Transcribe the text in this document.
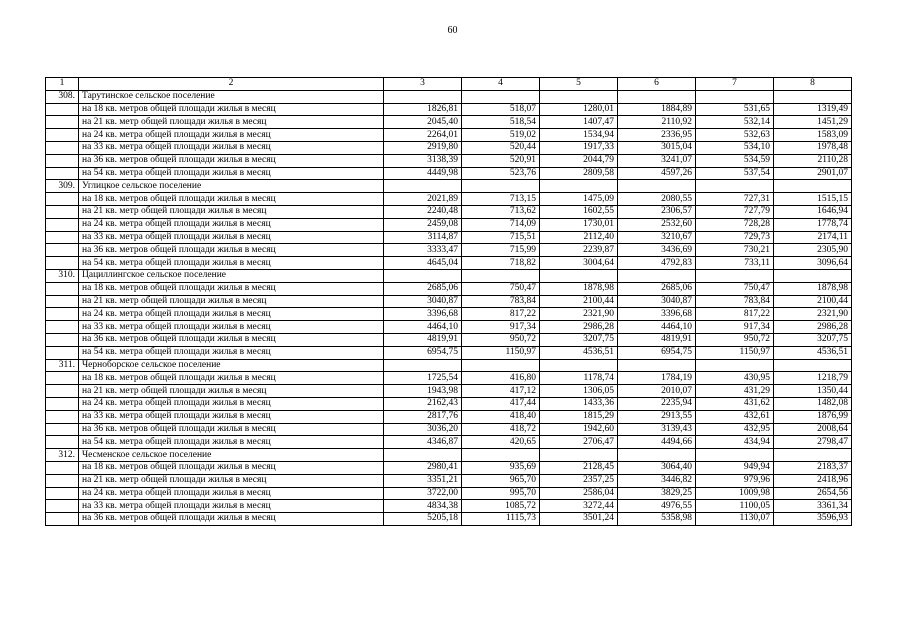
60
1	2	3	4	5	6	7	8
308.	Тарутинское сельское поселение						
	на 18 кв. метров общей площади жилья в месяц	1826,81	518,07	1280,01	1884,89	531,65	1319,49
	на 21 кв. метр общей площади жилья в месяц	2045,40	518,54	1407,47	2110,92	532,14	1451,29
	на 24 кв. метра общей площади жилья в месяц	2264,01	519,02	1534,94	2336,95	532,63	1583,09
	на 33 кв. метра общей площади жилья в месяц	2919,80	520,44	1917,33	3015,04	534,10	1978,48
	на 36 кв. метров общей площади жилья в месяц	3138,39	520,91	2044,79	3241,07	534,59	2110,28
	на 54 кв. метра общей площади жилья в месяц	4449,98	523,76	2809,58	4597,26	537,54	2901,07
309.	Углицкое сельское поселение						
	на 18 кв. метров общей площади жилья в месяц	2021,89	713,15	1475,09	2080,55	727,31	1515,15
	на 21 кв. метр общей площади жилья в месяц	2240,48	713,62	1602,55	2306,57	727,79	1646,94
	на 24 кв. метра общей площади жилья в месяц	2459,08	714,09	1730,01	2532,60	728,28	1778,74
	на 33 кв. метра общей площади жилья в месяц	3114,87	715,51	2112,40	3210,67	729,73	2174,11
	на 36 кв. метров общей площади жилья в месяц	3333,47	715,99	2239,87	3436,69	730,21	2305,90
	на 54 кв. метра общей площади жилья в месяц	4645,04	718,82	3004,64	4792,83	733,11	3096,64
310.	Цациллингское сельское поселение						
	на 18 кв. метров общей площади жилья в месяц	2685,06	750,47	1878,98	2685,06	750,47	1878,98
	на 21 кв. метр общей площади жилья в месяц	3040,87	783,84	2100,44	3040,87	783,84	2100,44
	на 24 кв. метра общей площади жилья в месяц	3396,68	817,22	2321,90	3396,68	817,22	2321,90
	на 33 кв. метра общей площади жилья в месяц	4464,10	917,34	2986,28	4464,10	917,34	2986,28
	на 36 кв. метров общей площади жилья в месяц	4819,91	950,72	3207,75	4819,91	950,72	3207,75
	на 54 кв. метра общей площади жилья в месяц	6954,75	1150,97	4536,51	6954,75	1150,97	4536,51
311.	Черноборское сельское поселение						
	на 18 кв. метров общей площади жилья в месяц	1725,54	416,80	1178,74	1784,19	430,95	1218,79
	на 21 кв. метр общей площади жилья в месяц	1943,98	417,12	1306,05	2010,07	431,29	1350,44
	на 24 кв. метра общей площади жилья в месяц	2162,43	417,44	1433,36	2235,94	431,62	1482,08
	на 33 кв. метра общей площади жилья в месяц	2817,76	418,40	1815,29	2913,55	432,61	1876,99
	на 36 кв. метров общей площади жилья в месяц	3036,20	418,72	1942,60	3139,43	432,95	2008,64
	на 54 кв. метра общей площади жилья в месяц	4346,87	420,65	2706,47	4494,66	434,94	2798,47
312.	Чесменское сельское поселение						
	на 18 кв. метров общей площади жилья в месяц	2980,41	935,69	2128,45	3064,40	949,94	2183,37
	на 21 кв. метр общей площади жилья в месяц	3351,21	965,70	2357,25	3446,82	979,96	2418,96
	на 24 кв. метра общей площади жилья в месяц	3722,00	995,70	2586,04	3829,25	1009,98	2654,56
	на 33 кв. метра общей площади жилья в месяц	4834,38	1085,72	3272,44	4976,55	1100,05	3361,34
	на 36 кв. метров общей площади жилья в месяц	5205,18	1115,73	3501,24	5358,98	1130,07	3596,93
